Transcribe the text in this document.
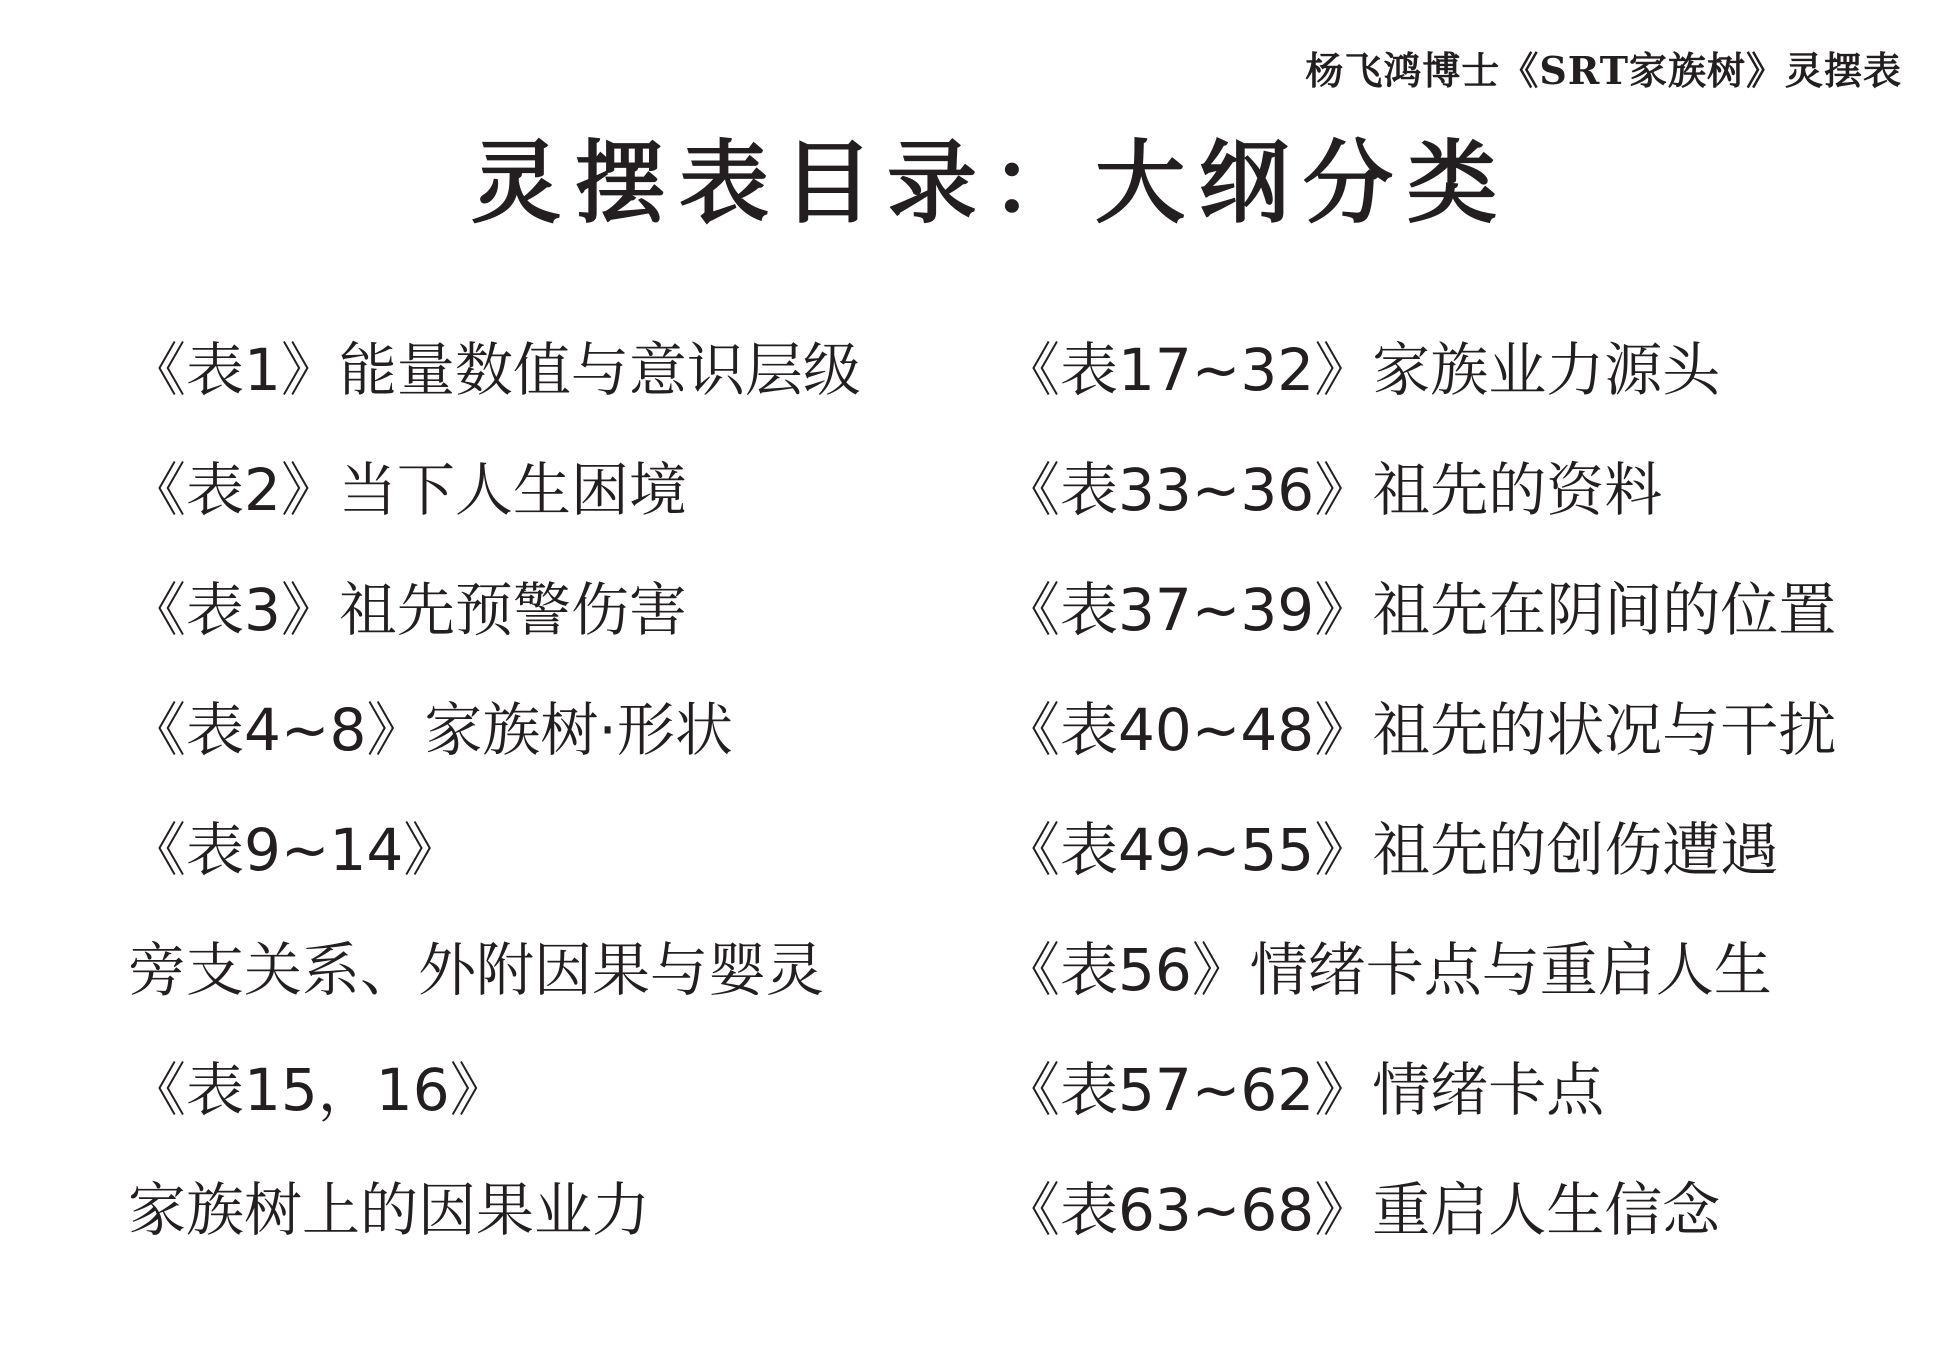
杨飞鸿博士《SRT家族树》灵摆表
灵摆表目录：大纲分类
《表1》能量数值与意识层级
《表2》当下人生困境
《表3》祖先预警伤害
《表4~8》家族树·形状
《表9~14》
旁支关系、外附因果与婴灵
《表15，16》
家族树上的因果业力
《表17~32》家族业力源头
《表33~36》祖先的资料
《表37~39》祖先在阴间的位置
《表40~48》祖先的状况与干扰
《表49~55》祖先的创伤遭遇
《表56》情绪卡点与重启人生
《表57~62》情绪卡点
《表63~68》重启人生信念
